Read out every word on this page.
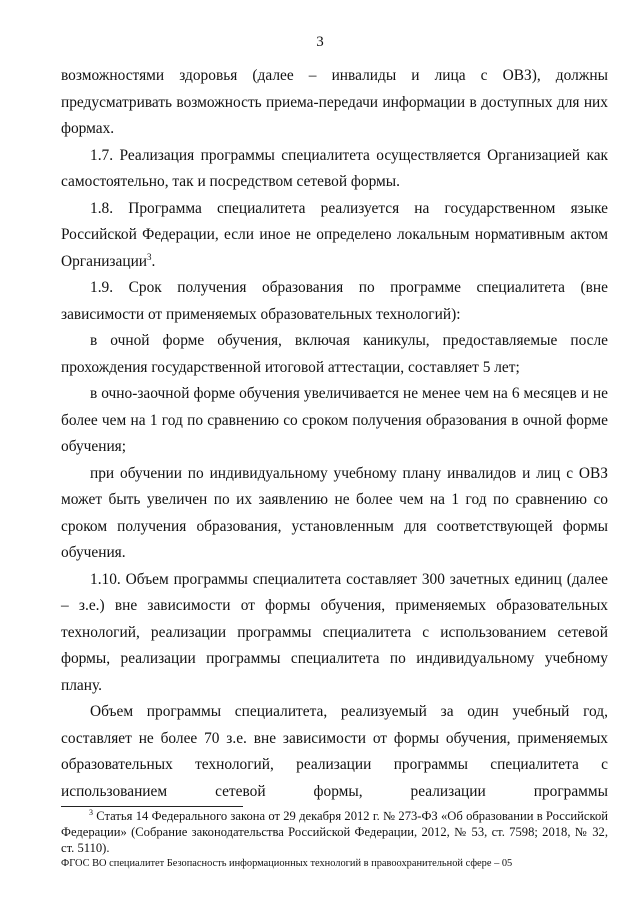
3

возможностями здоровья (далее – инвалиды и лица с ОВЗ), должны предусматривать возможность приема-передачи информации в доступных для них формах.

1.7. Реализация программы специалитета осуществляется Организацией как самостоятельно, так и посредством сетевой формы.

1.8. Программа специалитета реализуется на государственном языке Российской Федерации, если иное не определено локальным нормативным актом Организации$^3$.

1.9. Срок получения образования по программе специалитета (вне зависимости от применяемых образовательных технологий):

в очной форме обучения, включая каникулы, предоставляемые после прохождения государственной итоговой аттестации, составляет 5 лет;

в очно-заочной форме обучения увеличивается не менее чем на 6 месяцев и не более чем на 1 год по сравнению со сроком получения образования в очной форме обучения;

при обучении по индивидуальному учебному плану инвалидов и лиц с ОВЗ может быть увеличен по их заявлению не более чем на 1 год по сравнению со сроком получения образования, установленным для соответствующей формы обучения.

1.10. Объем программы специалитета составляет 300 зачетных единиц (далее – з.е.) вне зависимости от формы обучения, применяемых образовательных технологий, реализации программы специалитета с использованием сетевой формы, реализации программы специалитета по индивидуальному учебному плану.

Объем программы специалитета, реализуемый за один учебный год, составляет не более 70 з.е. вне зависимости от формы обучения, применяемых образовательных технологий, реализации программы специалитета с использованием сетевой формы, реализации программы

$^3$ Статья 14 Федерального закона от 29 декабря 2012 г. № 273-ФЗ «Об образовании в Российской Федерации» (Собрание законодательства Российской Федерации, 2012, № 53, ст. 7598; 2018, № 32, ст. 5110).

ФГОС ВО специалитет Безопасность информационных технологий в правоохранительной сфере – 05
